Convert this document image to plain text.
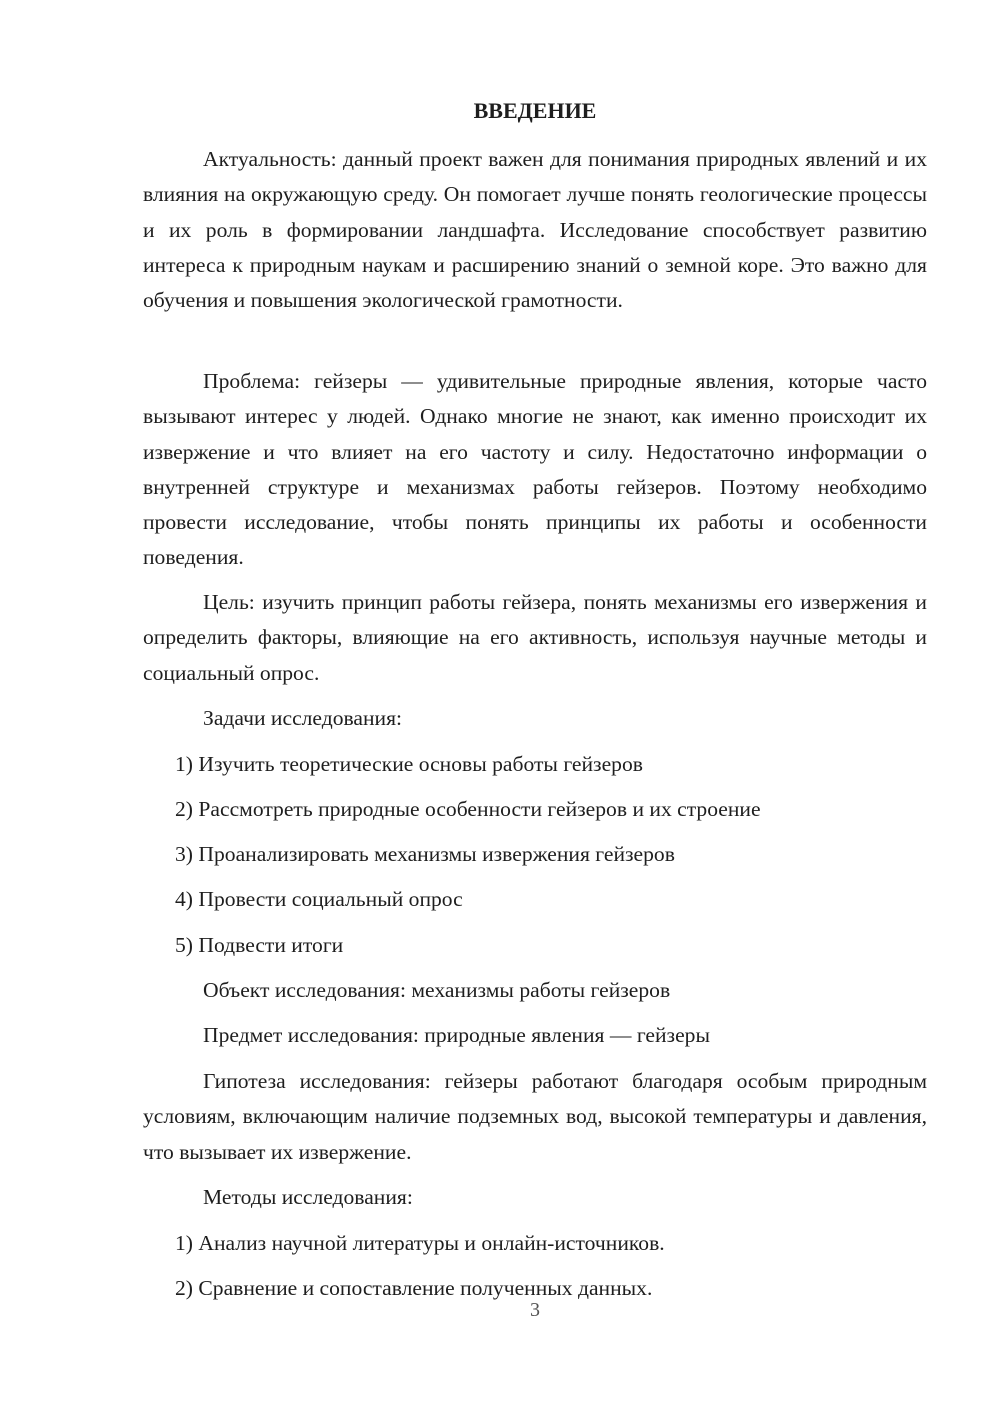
ВВЕДЕНИЕ

Актуальность: данный проект важен для понимания природных явлений и их влияния на окружающую среду. Он помогает лучше понять геологические процессы и их роль в формировании ландшафта. Исследование способствует развитию интереса к природным наукам и расширению знаний о земной коре. Это важно для обучения и повышения экологической грамотности.

Проблема: гейзеры — удивительные природные явления, которые часто вызывают интерес у людей. Однако многие не знают, как именно происходит их извержение и что влияет на его частоту и силу. Недостаточно информации о внутренней структуре и механизмах работы гейзеров. Поэтому необходимо провести исследование, чтобы понять принципы их работы и особенности поведения.

Цель: изучить принцип работы гейзера, понять механизмы его извержения и определить факторы, влияющие на его активность, используя научные методы и социальный опрос.

Задачи исследования:

1) Изучить теоретические основы работы гейзеров

2) Рассмотреть природные особенности гейзеров и их строение

3) Проанализировать механизмы извержения гейзеров

4) Провести социальный опрос

5) Подвести итоги

Объект исследования: механизмы работы гейзеров

Предмет исследования: природные явления — гейзеры

Гипотеза исследования: гейзеры работают благодаря особым природным условиям, включающим наличие подземных вод, высокой температуры и давления, что вызывает их извержение.

Методы исследования:

1) Анализ научной литературы и онлайн-источников.

2) Сравнение и сопоставление полученных данных.

3
